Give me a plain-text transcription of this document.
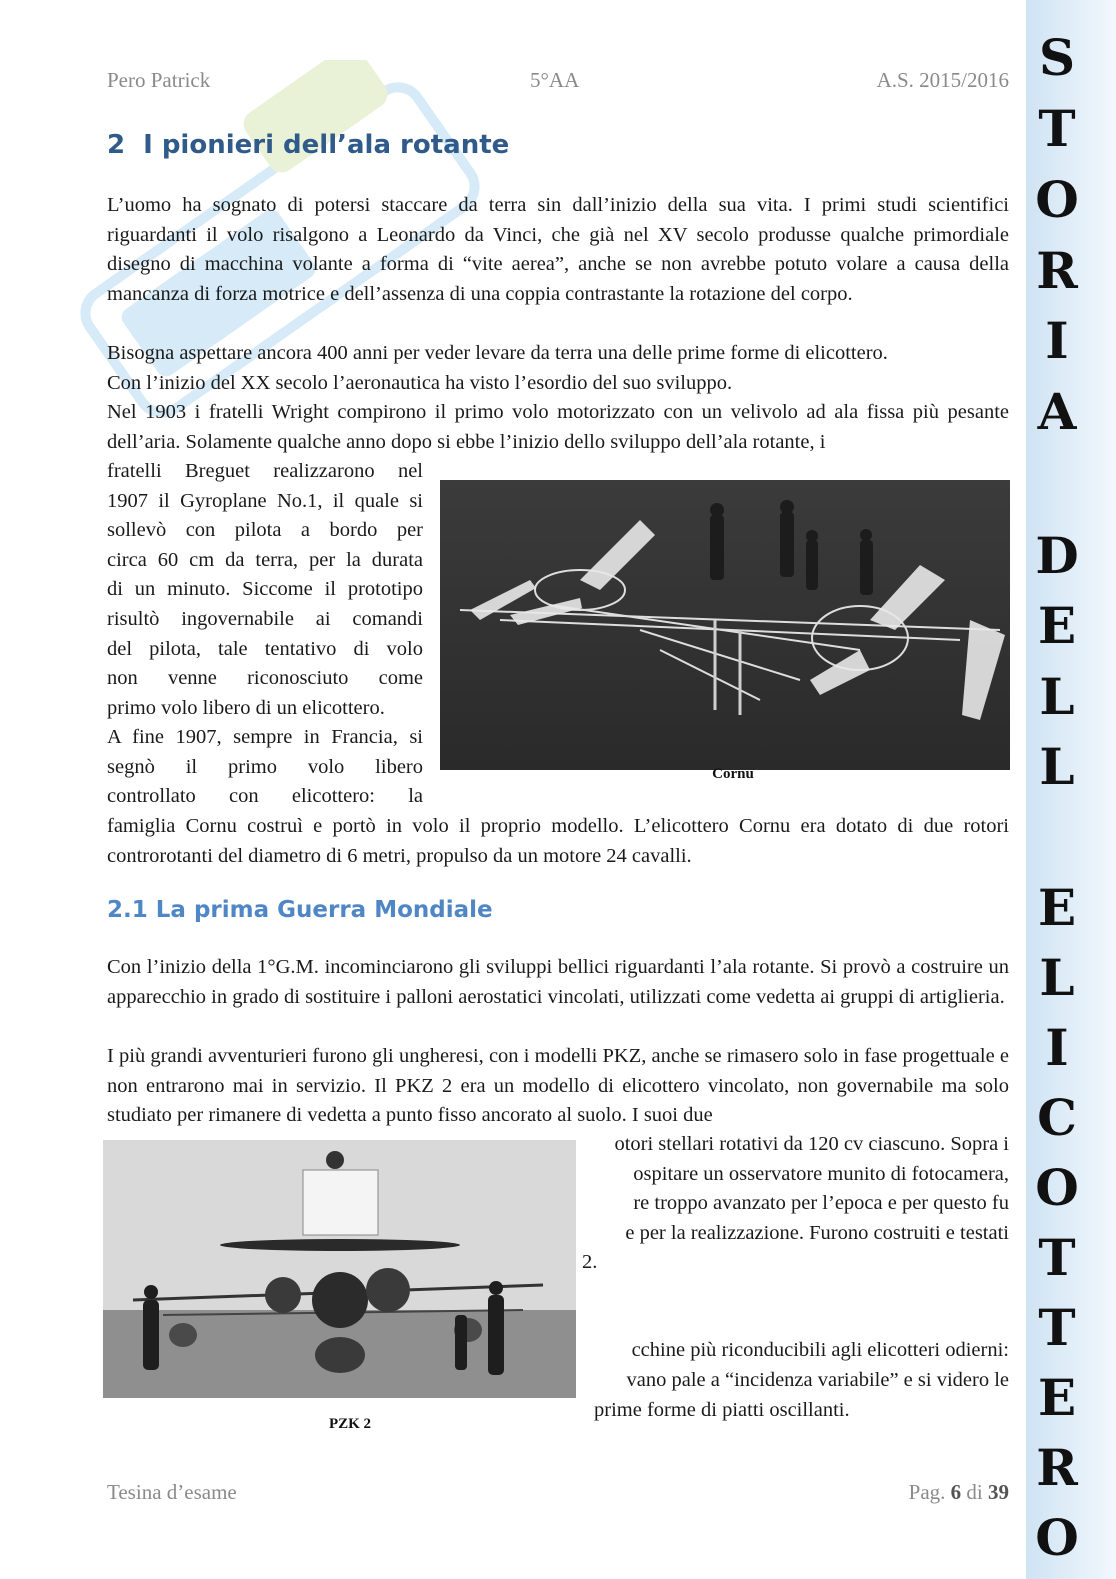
Pero Patrick	5°AA	A.S. 2015/2016
2 I pionieri dell’ala rotante

L’uomo ha sognato di potersi staccare da terra sin dall’inizio della sua vita. I primi studi scientifici riguardanti il volo risalgono a Leonardo da Vinci, che già nel XV secolo produsse qualche primordiale disegno di macchina volante a forma di “vite aerea”, anche se non avrebbe potuto volare a causa della mancanza di forza motrice e dell’assenza di una coppia contrastante la rotazione del corpo.

Bisogna aspettare ancora 400 anni per veder levare da terra una delle prime forme di elicottero.

Con l’inizio del XX secolo l’aeronautica ha visto l’esordio del suo sviluppo.

Nel 1903 i fratelli Wright compirono il primo volo motorizzato con un velivolo ad ala fissa più pesante dell’aria. Solamente qualche anno dopo si ebbe l’inizio dello sviluppo dell’ala rotante, i

fratelli Breguet realizzarono nel

1907 il Gyroplane No.1, il quale si

sollevò con pilota a bordo per

circa 60 cm da terra, per la durata

di un minuto. Siccome il prototipo

risultò ingovernabile ai comandi

del pilota, tale tentativo di volo

non venne riconosciuto come

primo volo libero di un elicottero.

A fine 1907, sempre in Francia, si

segnò il primo volo libero

controllato con elicottero: la

Cornu

famiglia Cornu costruì e portò in volo il proprio modello. L’elicottero Cornu era dotato di due rotori controrotanti del diametro di 6 metri, propulso da un motore 24 cavalli.

2.1 La prima Guerra Mondiale

Con l’inizio della 1°G.M. incominciarono gli sviluppi bellici riguardanti l’ala rotante. Si provò a costruire un apparecchio in grado di sostituire i palloni aerostatici vincolati, utilizzati come vedetta ai gruppi di artiglieria.

I più grandi avventurieri furono gli ungheresi, con i modelli PKZ, anche se rimasero solo in fase progettuale e non entrarono mai in servizio. Il PKZ 2 era un modello di elicottero vincolato, non governabile ma solo studiato per rimanere di vedetta a punto fisso ancorato al suolo. I suoi due

otori stellari rotativi da 120 cv ciascuno. Sopra i

ospitare un osservatore munito di fotocamera,

re troppo avanzato per l’epoca e per questo fu

e per la realizzazione. Furono costruiti e testati

2.

cchine più riconducibili agli elicotteri odierni:

vano pale a “incidenza variabile” e si videro le

prime forme di piatti oscillanti.

PZK 2

Tesina d’esame	Pag. 6 di 39
S
T
O
R
I
A
D
E
L
L
E
L
I
C
O
T
T
E
R
O
